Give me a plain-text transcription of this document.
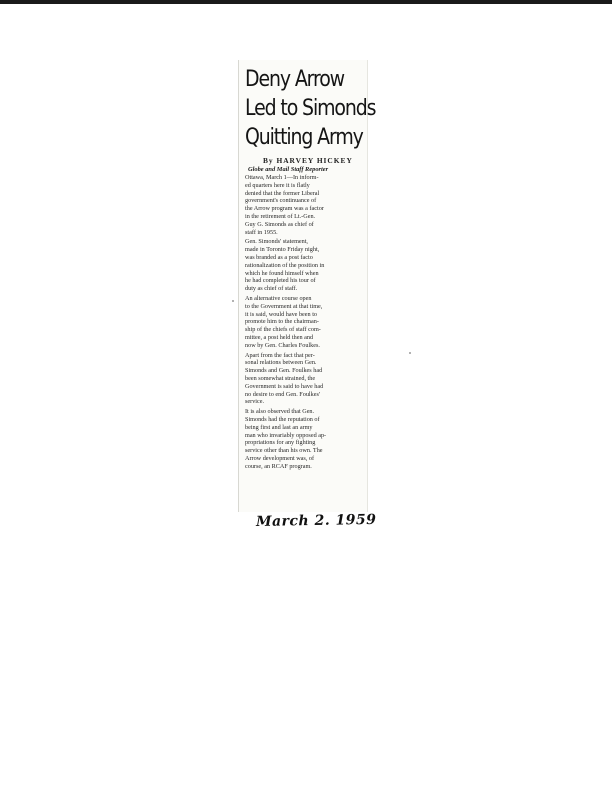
Deny Arrow
Led to Simonds
Quitting Army
By HARVEY HICKEY
Globe and Mail Staff Reporter

Ottawa, March 1—In inform-
ed quarters here it is flatly
denied that the former Liberal
government's continuance of
the Arrow program was a factor
in the retirement of Lt.-Gen.
Guy G. Simonds as chief of
staff in 1955.

Gen. Simonds' statement,
made in Toronto Friday night,
was branded as a post facto
rationalization of the position in
which he found himself when
he had completed his tour of
duty as chief of staff.

An alternative course open
to the Government at that time,
it is said, would have been to
promote him to the chairman-
ship of the chiefs of staff com-
mittee, a post held then and
now by Gen. Charles Foulkes.

Apart from the fact that per-
sonal relations between Gen.
Simonds and Gen. Foulkes had
been somewhat strained, the
Government is said to have had
no desire to end Gen. Foulkes'
service.

It is also observed that Gen.
Simonds had the reputation of
being first and last an army
man who invariably opposed ap-
propriations for any fighting
service other than his own. The
Arrow development was, of
course, an RCAF program.

March 2. 1959
